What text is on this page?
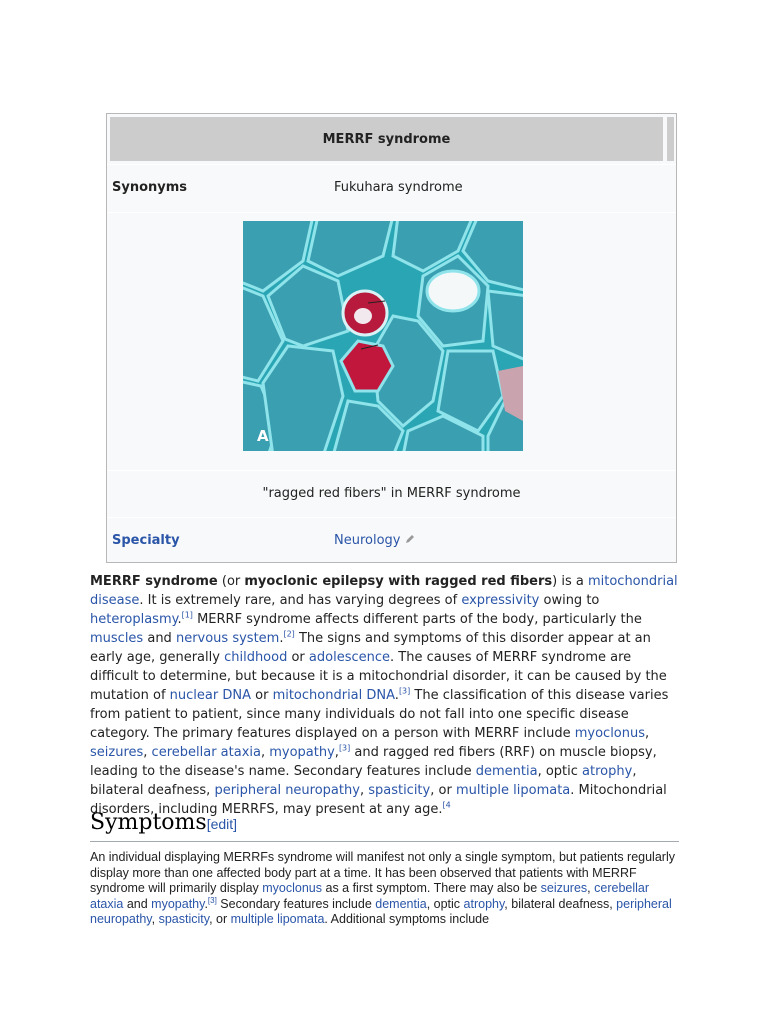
MERRF syndrome
Synonyms	Fukuhara syndrome
A
"ragged red fibers" in MERRF syndrome
Specialty	Neurology
MERRF syndrome (or myoclonic epilepsy with ragged red fibers) is a mitochondrial disease. It is extremely rare, and has varying degrees of expressivity owing to heteroplasmy.[1] MERRF syndrome affects different parts of the body, particularly the muscles and nervous system.[2] The signs and symptoms of this disorder appear at an early age, generally childhood or adolescence. The causes of MERRF syndrome are difficult to determine, but because it is a mitochondrial disorder, it can be caused by the mutation of nuclear DNA or mitochondrial DNA.[3] The classification of this disease varies from patient to patient, since many individuals do not fall into one specific disease category. The primary features displayed on a person with MERRF include myoclonus, seizures, cerebellar ataxia, myopathy,[3] and ragged red fibers (RRF) on muscle biopsy, leading to the disease's name. Secondary features include dementia, optic atrophy, bilateral deafness, peripheral neuropathy, spasticity, or multiple lipomata. Mitochondrial disorders, including MERRFS, may present at any age.$^{[4}$
Symptoms[edit]
An individual displaying MERRFs syndrome will manifest not only a single symptom, but patients regularly display more than one affected body part at a time. It has been observed that patients with MERRF syndrome will primarily display myoclonus as a first symptom. There may also be seizures, cerebellar ataxia and myopathy.[3] Secondary features include dementia, optic atrophy, bilateral deafness, peripheral neuropathy, spasticity, or multiple lipomata. Additional symptoms include
